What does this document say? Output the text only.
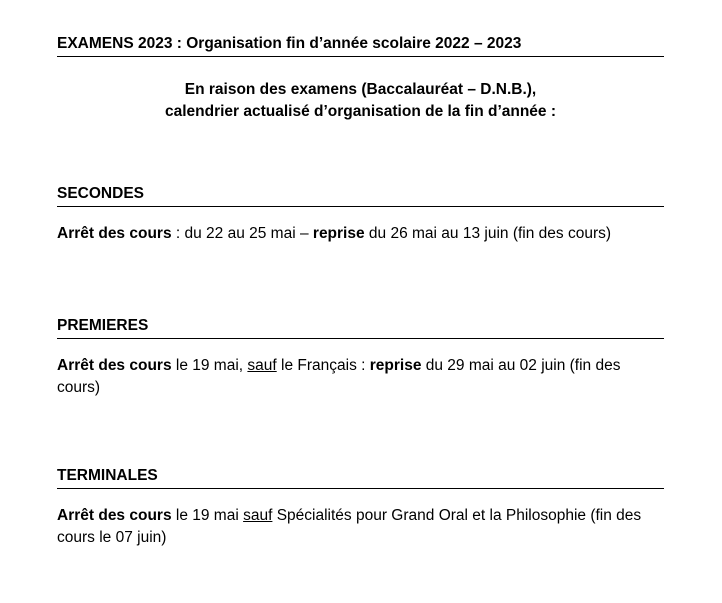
EXAMENS 2023 : Organisation fin d’année scolaire 2022 – 2023
En raison des examens (Baccalauréat – D.N.B.),
calendrier actualisé d’organisation de la fin d’année :
SECONDES
Arrêt des cours : du 22 au 25 mai – reprise du 26 mai au 13 juin (fin des cours)
PREMIERES
Arrêt des cours le 19 mai, sauf le Français : reprise du 29 mai au 02 juin (fin des cours)
TERMINALES
Arrêt des cours le 19 mai sauf Spécialités pour Grand Oral et la Philosophie (fin des cours le 07 juin)
